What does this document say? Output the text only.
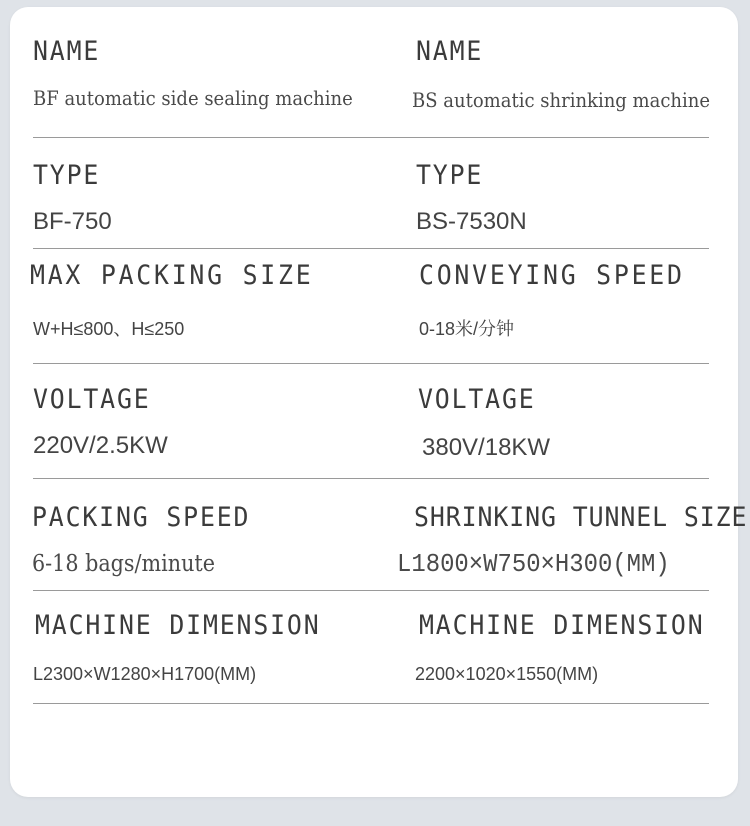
NAME
BF automatic side sealing machine
NAME
BS automatic shrinking machine
TYPE
BF-750
TYPE
BS-7530N
MAX PACKING SIZE
W+H≤800、H≤250
CONVEYING SPEED
0-18米/分钟
VOLTAGE
220V/2.5KW
VOLTAGE
380V/18KW
PACKING SPEED
6-18 bags/minute
SHRINKING TUNNEL SIZE
L1800×W750×H300(MM)
MACHINE DIMENSION
L2300×W1280×H1700(MM)
MACHINE DIMENSION
2200×1020×1550(MM)
